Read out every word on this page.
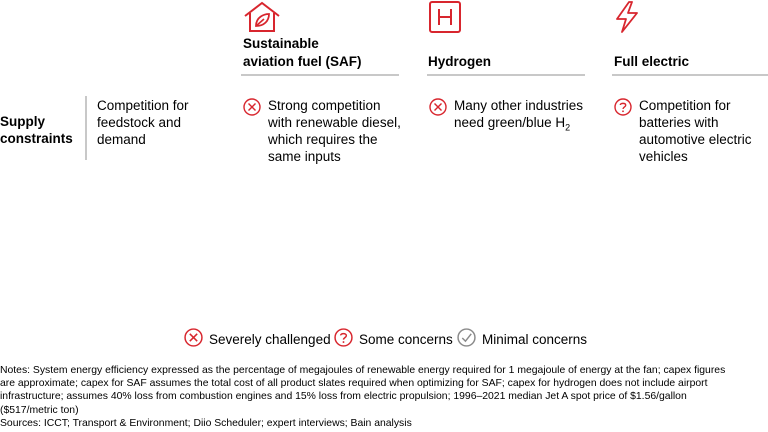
Sustainable
aviation fuel (SAF)	Hydrogen	Full electric
Supply
constraints
Competition for
feedstock and
demand
Strong competition
with renewable diesel,
which requires the
same inputs
Many other industries
need green/blue $H_2$
Competition for
batteries with
automotive electric
vehicles
Severely challenged Some concerns Minimal concerns
Notes: System energy efficiency expressed as the percentage of megajoules of renewable energy required for 1 megajoule of energy at the fan; capex figures
are approximate; capex for SAF assumes the total cost of all product slates required when optimizing for SAF; capex for hydrogen does not include airport
infrastructure; assumes 40% loss from combustion engines and 15% loss from electric propulsion; 1996–2021 median Jet A spot price of $1.56/gallon
($517/metric ton)
Sources: ICCT; Transport & Environment; Diio Scheduler; expert interviews; Bain analysis
